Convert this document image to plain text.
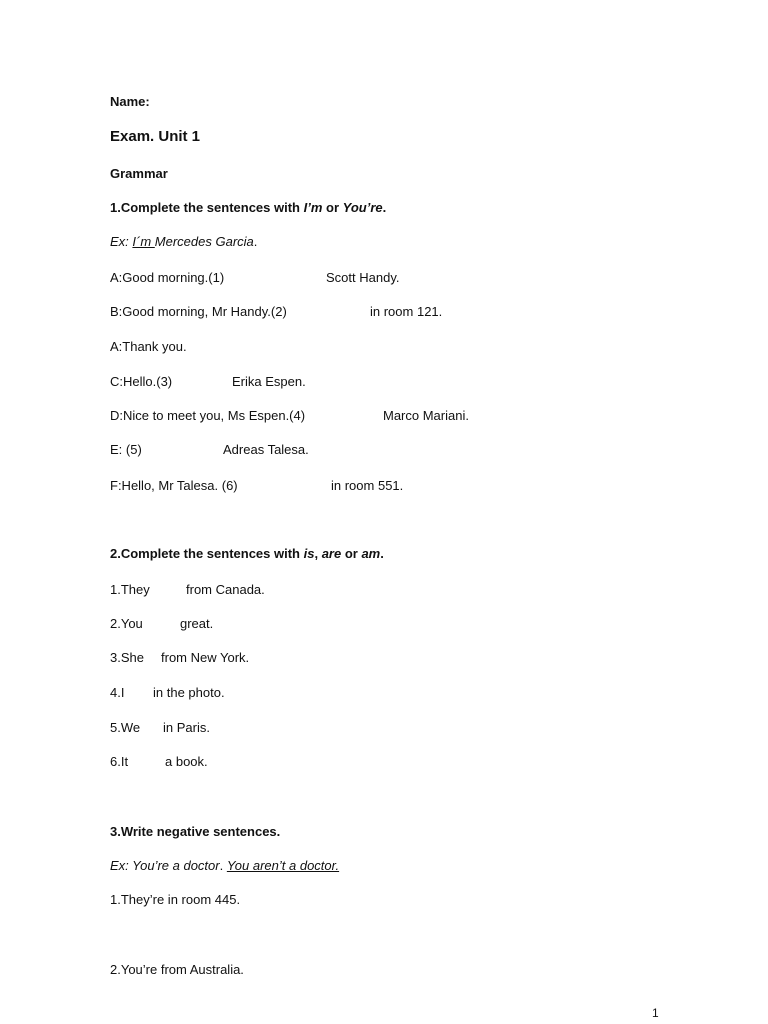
Name:
Exam. Unit 1
Grammar
1.Complete the sentences with I’m or You’re.
Ex: I´m Mercedes Garcia.
A:Good morning.(1)	Scott Handy.
B:Good morning, Mr Handy.(2)	in room 121.
A:Thank you.
C:Hello.(3)	Erika Espen.
D:Nice to meet you, Ms Espen.(4)	Marco Mariani.
E: (5)	Adreas Talesa.
F:Hello, Mr Talesa. (6)	in room 551.
2.Complete the sentences with is, are or am.
1.They	from Canada.
2.You	great.
3.She from New York.
4.I in the photo.
5.We in Paris.
6.It	a book.
3.Write negative sentences.
Ex: You’re a doctor. You aren’t a doctor.
1.They’re in room 445.
2.You’re from Australia.
1
